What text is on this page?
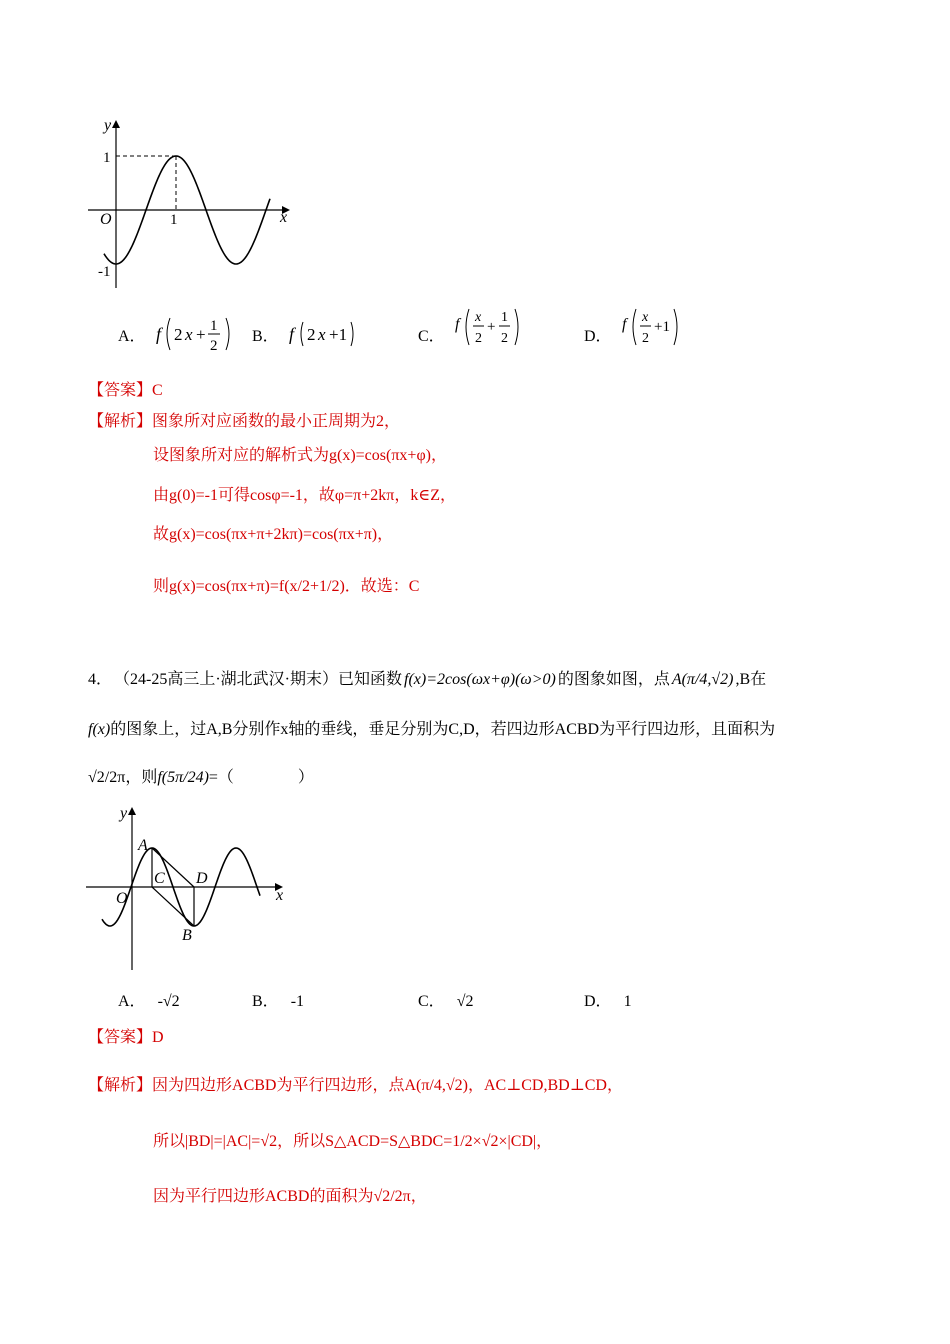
y
x
O
1
-1
1
A． f 2 x + 1
2
B． f 2 x +1	C．
f x
2
+
1
2	D．
f x
2
+1
【答案】C
【解析】图象所对应函数的最小正周期为2，
设图象所对应的解析式为g(x)=cos(πx+φ)，
由g(0)=-1可得cosφ=-1，故φ=π+2kπ，k∈Z，
故g(x)=cos(πx+π+2kπ)=cos(πx+π)，
则g(x)=cos(πx+π)=f(x/2+1/2)．故选：C
4． （24-25高三上·湖北武汉·期末）已知函数 f(x)=2cos(ωx+φ)(ω>0) 的图象如图，点 A(π/4,√2) ,B在
f(x)的图象上，过A,B分别作x轴的垂线，垂足分别为C,D，若四边形ACBD为平行四边形，且面积为
√2/2π，则f(5π/24)=（　　　　）
y
x
O
A
C D
B
A． -√2	B． -1	C． √2	D． 1
【答案】D
【解析】因为四边形ACBD为平行四边形，点A(π/4,√2)，AC⊥CD,BD⊥CD，
所以|BD|=|AC|=√2，所以S△ACD=S△BDC=1/2×√2×|CD|，
因为平行四边形ACBD的面积为√2/2π，
